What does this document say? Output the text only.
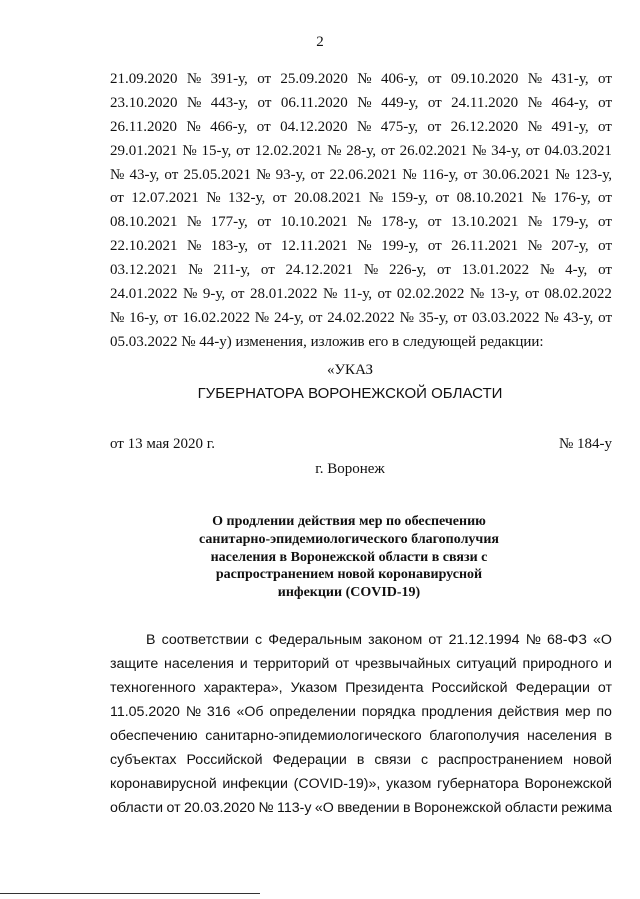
2
21.09.2020 № 391-у, от 25.09.2020 № 406-у, от 09.10.2020 № 431-у, от
23.10.2020 № 443-у, от 06.11.2020 № 449-у, от 24.11.2020 № 464-у, от
26.11.2020 № 466-у, от 04.12.2020 № 475-у, от 26.12.2020 № 491-у, от
29.01.2021 № 15-у, от 12.02.2021 № 28-у, от 26.02.2021 № 34-у, от 04.03.2021
№ 43-у, от 25.05.2021 № 93-у, от 22.06.2021 № 116-у, от 30.06.2021 № 123-у,
от 12.07.2021 № 132-у, от 20.08.2021 № 159-у, от 08.10.2021 № 176-у, от
08.10.2021 № 177-у, от 10.10.2021 № 178-у, от 13.10.2021 № 179-у, от
22.10.2021 № 183-у, от 12.11.2021 № 199-у, от 26.11.2021 № 207-у, от
03.12.2021 № 211-у, от 24.12.2021 № 226-у, от 13.01.2022 № 4-у, от
24.01.2022 № 9-у, от 28.01.2022 № 11-у, от 02.02.2022 № 13-у, от 08.02.2022
№ 16-у, от 16.02.2022 № 24-у, от 24.02.2022 № 35-у, от 03.03.2022 № 43-у, от
05.03.2022 № 44-у) изменения, изложив его в следующей редакции:
«УКАЗ
ГУБЕРНАТОРА ВОРОНЕЖСКОЙ ОБЛАСТИ
от 13 мая 2020 г.	№ 184-у
г. Воронеж
О продлении действия мер по обеспечению
санитарно-эпидемиологического благополучия
населения в Воронежской области в связи с
распространением новой коронавирусной
инфекции (COVID-19)
В соответствии с Федеральным законом от 21.12.1994 № 68-ФЗ «О
защите населения и территорий от чрезвычайных ситуаций природного и
техногенного характера», Указом Президента Российской Федерации от
11.05.2020 № 316 «Об определении порядка продления действия мер по
обеспечению санитарно-эпидемиологического благополучия населения в
субъектах Российской Федерации в связи с распространением новой
коронавирусной инфекции (COVID-19)», указом губернатора Воронежской
области от 20.03.2020 № 113-у «О введении в Воронежской области режима
